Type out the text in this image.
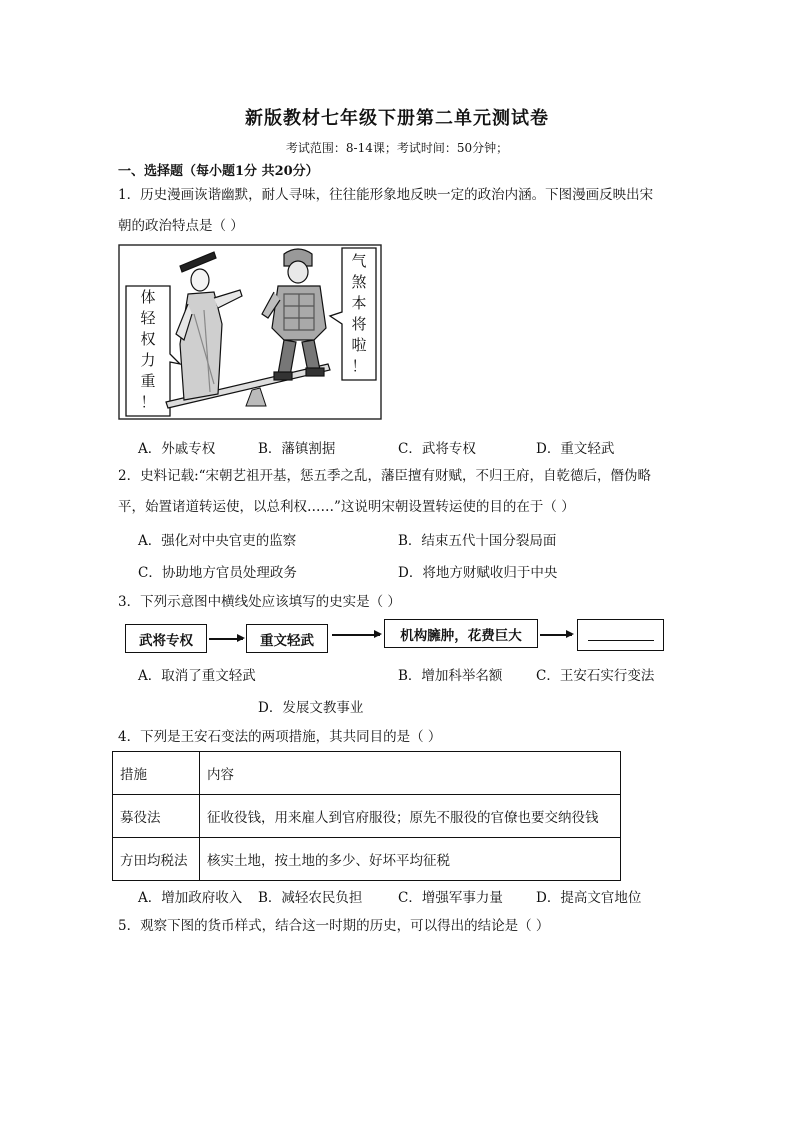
新版教材七年级下册第二单元测试卷
考试范围：8-14课；考试时间：50分钟；
一、选择题（每小题1分 共20分）
1．历史漫画诙谐幽默，耐人寻味，往往能形象地反映一定的政治内涵。下图漫画反映出宋
朝的政治特点是（ ）
体
轻
权
力
重
！
气
煞
本
将
啦
！
A．外戚专权	B．藩镇割据	C．武将专权	D．重文轻武
2．史料记载:“宋朝艺祖开基，惩五季之乱，藩臣擅有财赋，不归王府，自乾德后，僭伪略
平，始置诸道转运使，以总利权……”这说明宋朝设置转运使的目的在于（ ）
A．强化对中央官吏的监察	B．结束五代十国分裂局面
C．协助地方官员处理政务	D．将地方财赋收归于中央
3．下列示意图中横线处应该填写的史实是（ ）
武将专权	重文轻武	机构臃肿，花费巨大
A．取消了重文轻武	B．增加科举名额 C．王安石实行变法
D．发展文教事业
4．下列是王安石变法的两项措施，其共同目的是（ ）
措施	内容
募役法	征收役钱，用来雇人到官府服役；原先不服役的官僚也要交纳役钱
方田均税法	核实土地，按土地的多少、好坏平均征税
A．增加政府收入 B．减轻农民负担	C．增强军事力量 D．提高文官地位
5．观察下图的货币样式，结合这一时期的历史，可以得出的结论是（ ）
